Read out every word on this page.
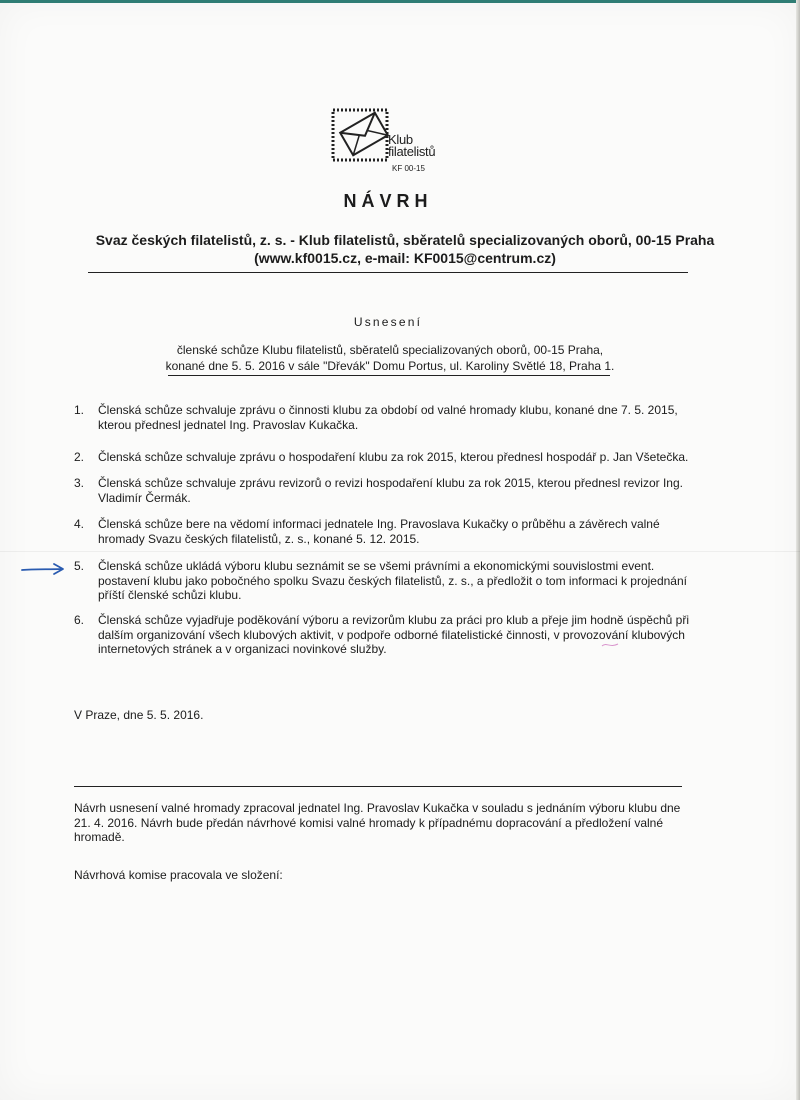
Klub
filatelistů
KF 00-15
NÁVRH

Svaz českých filatelistů, z. s. - Klub filatelistů, sběratelů specializovaných oborů, 00-15 Praha

(www.kf0015.cz, e-mail: KF0015@centrum.cz)

Usnesení
členské schůze Klubu filatelistů, sběratelů specializovaných oborů, 00-15 Praha,
konané dne 5. 5. 2016 v sále "Dřevák" Domu Portus, ul. Karoliny Světlé 18, Praha 1.
1.	Členská schůze schvaluje zprávu o činnosti klubu za období od valné hromady klubu, konané dne 7. 5. 2015, kterou přednesl jednatel Ing. Pravoslav Kukačka.
2.	Členská schůze schvaluje zprávu o hospodaření klubu za rok 2015, kterou přednesl hospodář p. Jan Všetečka.
3.	Členská schůze schvaluje zprávu revizorů o revizi hospodaření klubu za rok 2015, kterou přednesl revizor Ing. Vladimír Čermák.
4.	Členská schůze bere na vědomí informaci jednatele Ing. Pravoslava Kukačky o průběhu a závěrech valné hromady Svazu českých filatelistů, z. s., konané 5. 12. 2015.
5.	Členská schůze ukládá výboru klubu seznámit se se všemi právními a ekonomickými souvislostmi event. postavení klubu jako pobočného spolku Svazu českých filatelistů, z. s., a předložit o tom informaci k projednání příští členské schůzi klubu.
6.	Členská schůze vyjadřuje poděkování výboru a revizorům klubu za práci pro klub a přeje jim hodně úspěchů při dalším organizování všech klubových aktivit, v podpoře odborné filatelistické činnosti, v provozování klubových internetových stránek a v organizaci novinkové služby.
V Praze, dne 5. 5. 2016.

Návrh usnesení valné hromady zpracoval jednatel Ing. Pravoslav Kukačka v souladu s jednáním výboru klubu dne 21. 4. 2016. Návrh bude předán návrhové komisi valné hromady k případnému dopracování a předložení valné hromadě.

Návrhová komise pracovala ve složení:
